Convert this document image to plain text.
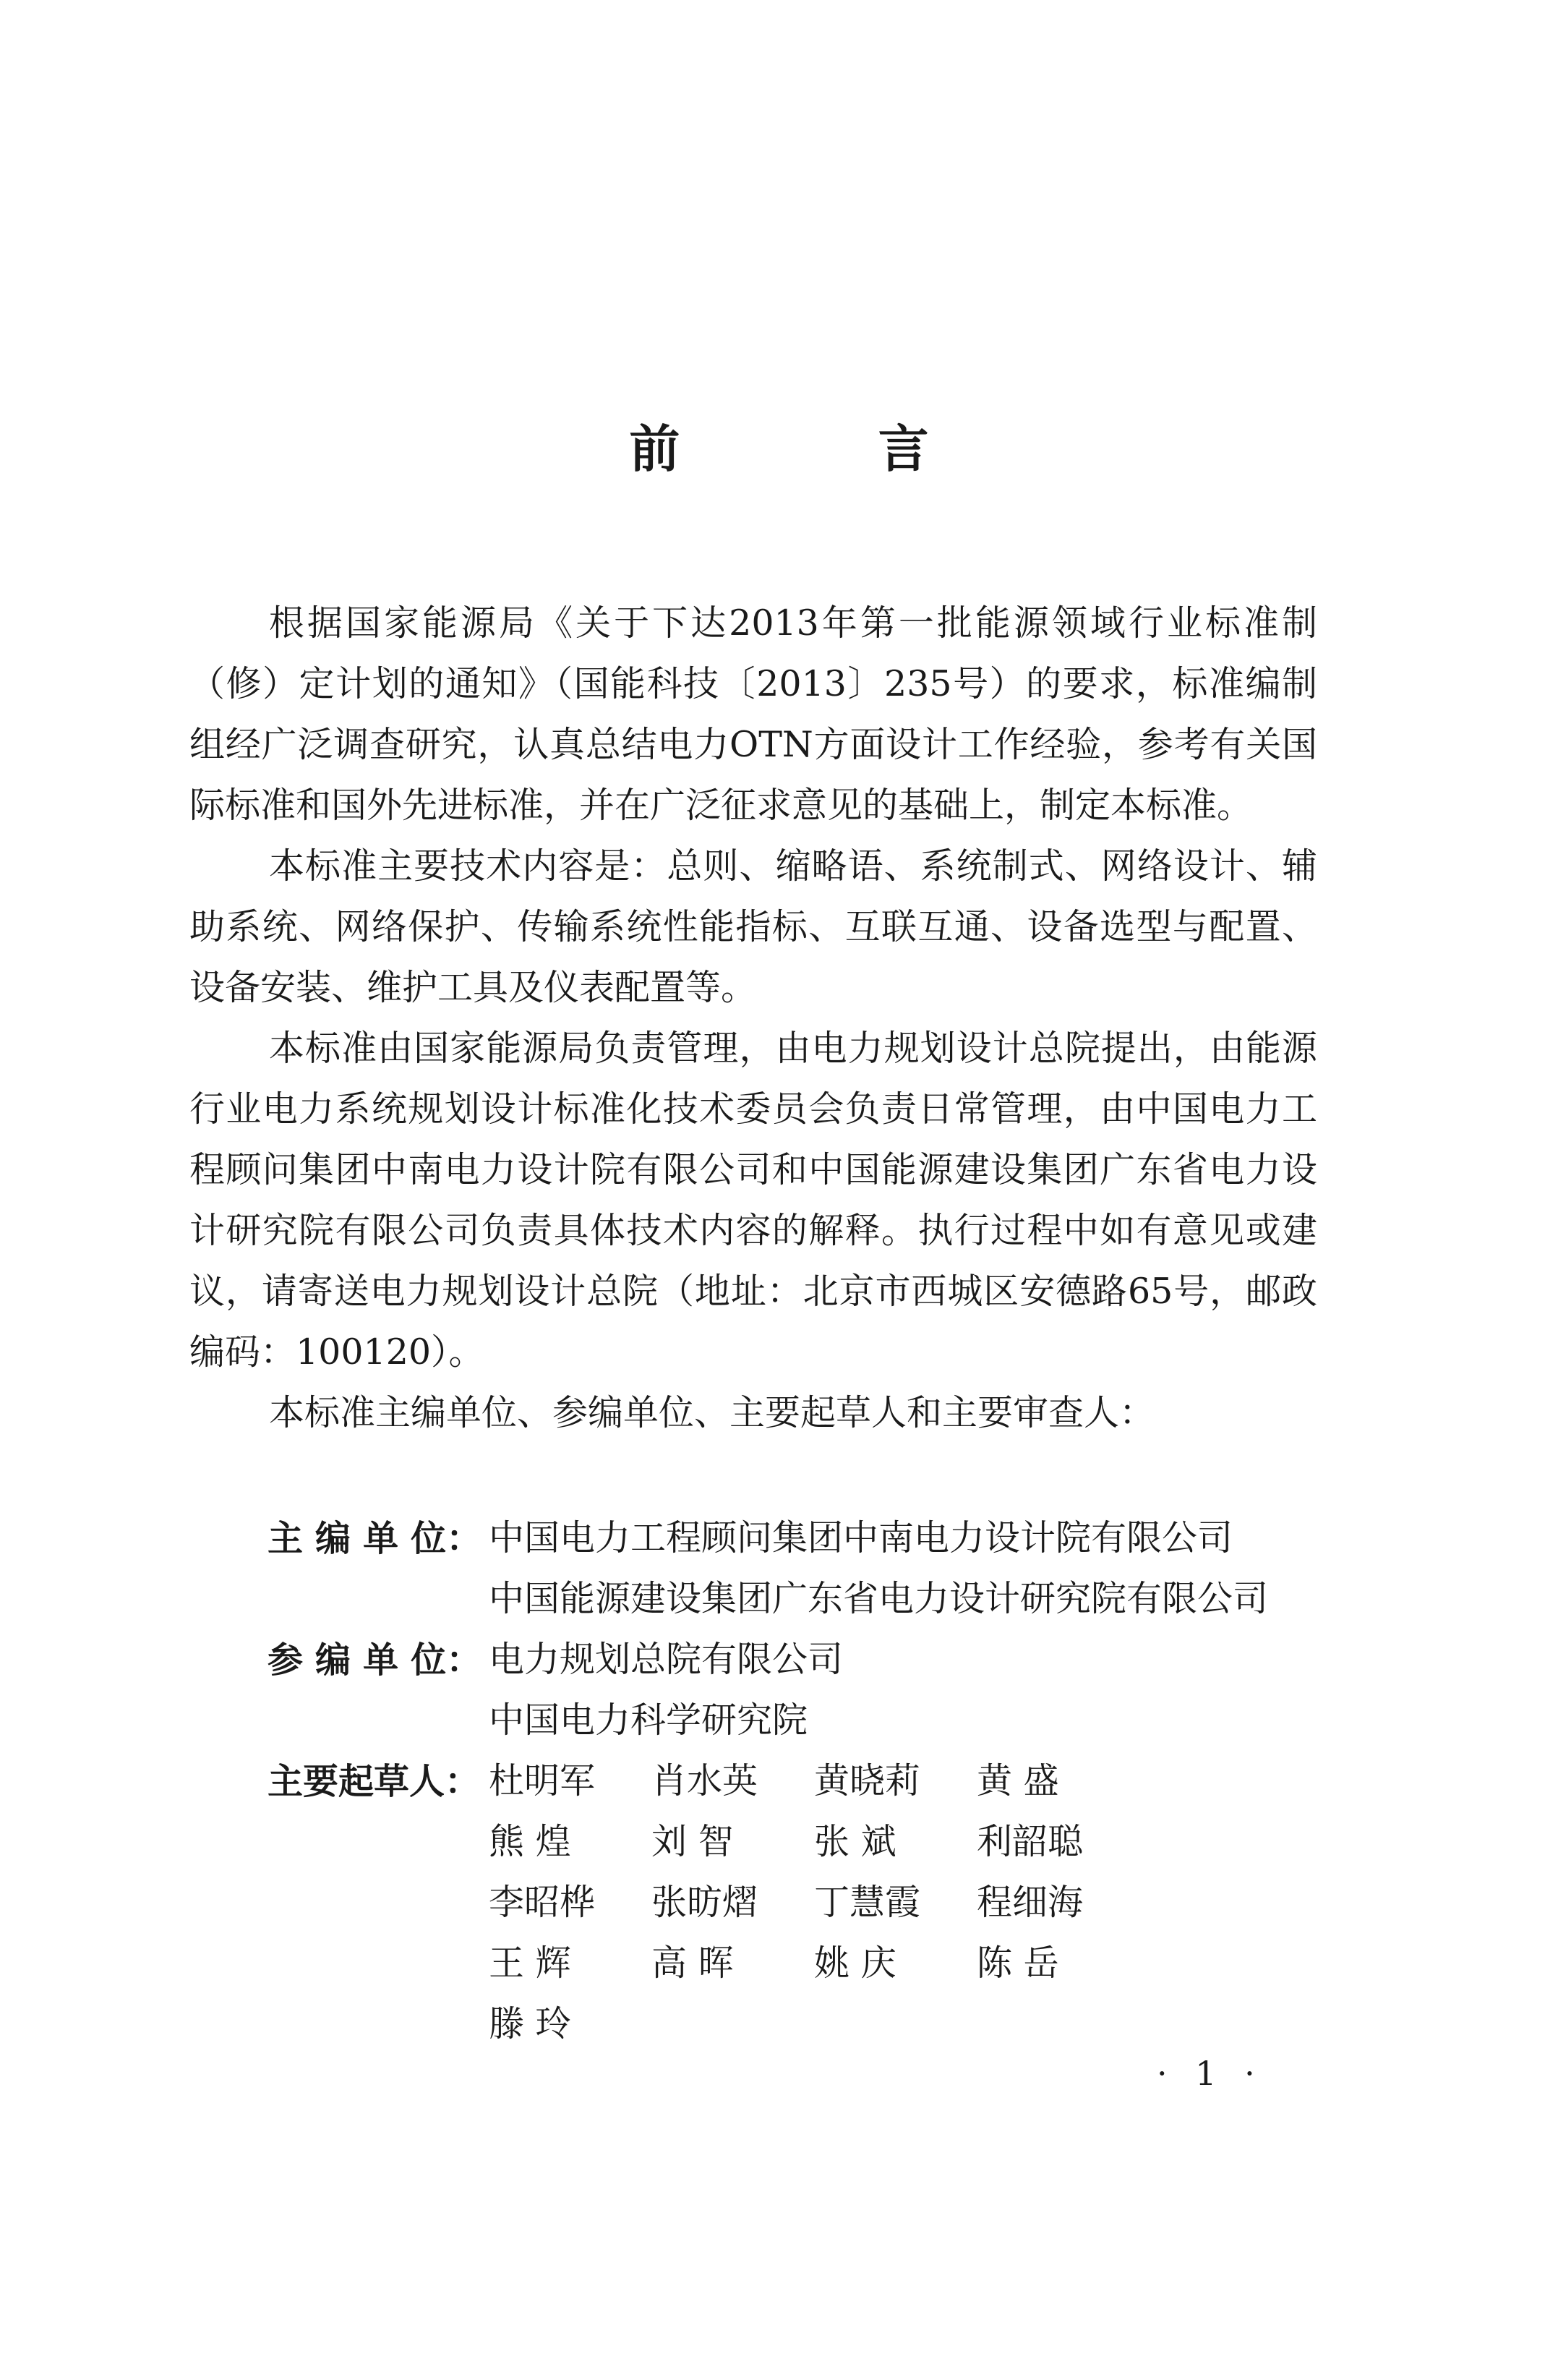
前 言

根据国家能源局《关于下达2013年第一批能源领域行业标准制（修）定计划的通知》（国能科技〔2013〕235号）的要求，标准编制组经广泛调查研究，认真总结电力OTN方面设计工作经验，参考有关国际标准和国外先进标准，并在广泛征求意见的基础上，制定本标准。

本标准主要技术内容是：总则、缩略语、系统制式、网络设计、辅助系统、网络保护、传输系统性能指标、互联互通、设备选型与配置、设备安装、维护工具及仪表配置等。

本标准由国家能源局负责管理，由电力规划设计总院提出，由能源行业电力系统规划设计标准化技术委员会负责日常管理，由中国电力工程顾问集团中南电力设计院有限公司和中国能源建设集团广东省电力设计研究院有限公司负责具体技术内容的解释。执行过程中如有意见或建议，请寄送电力规划设计总院（地址：北京市西城区安德路65号，邮政编码：100120）。

本标准主编单位、参编单位、主要起草人和主要审查人：

主 编 单 位： 中国电力工程顾问集团中南电力设计院有限公司
中国能源建设集团广东省电力设计研究院有限公司
参 编 单 位： 电力规划总院有限公司
中国电力科学研究院
主要起草人： 杜明军	肖水英	黄晓莉	黄 盛
熊 煌	刘 智	张 斌	利韶聪
李昭桦	张昉熠	丁慧霞	程细海
王 辉	高 晖	姚 庆	陈 岳
滕 玲
· 1 ·
